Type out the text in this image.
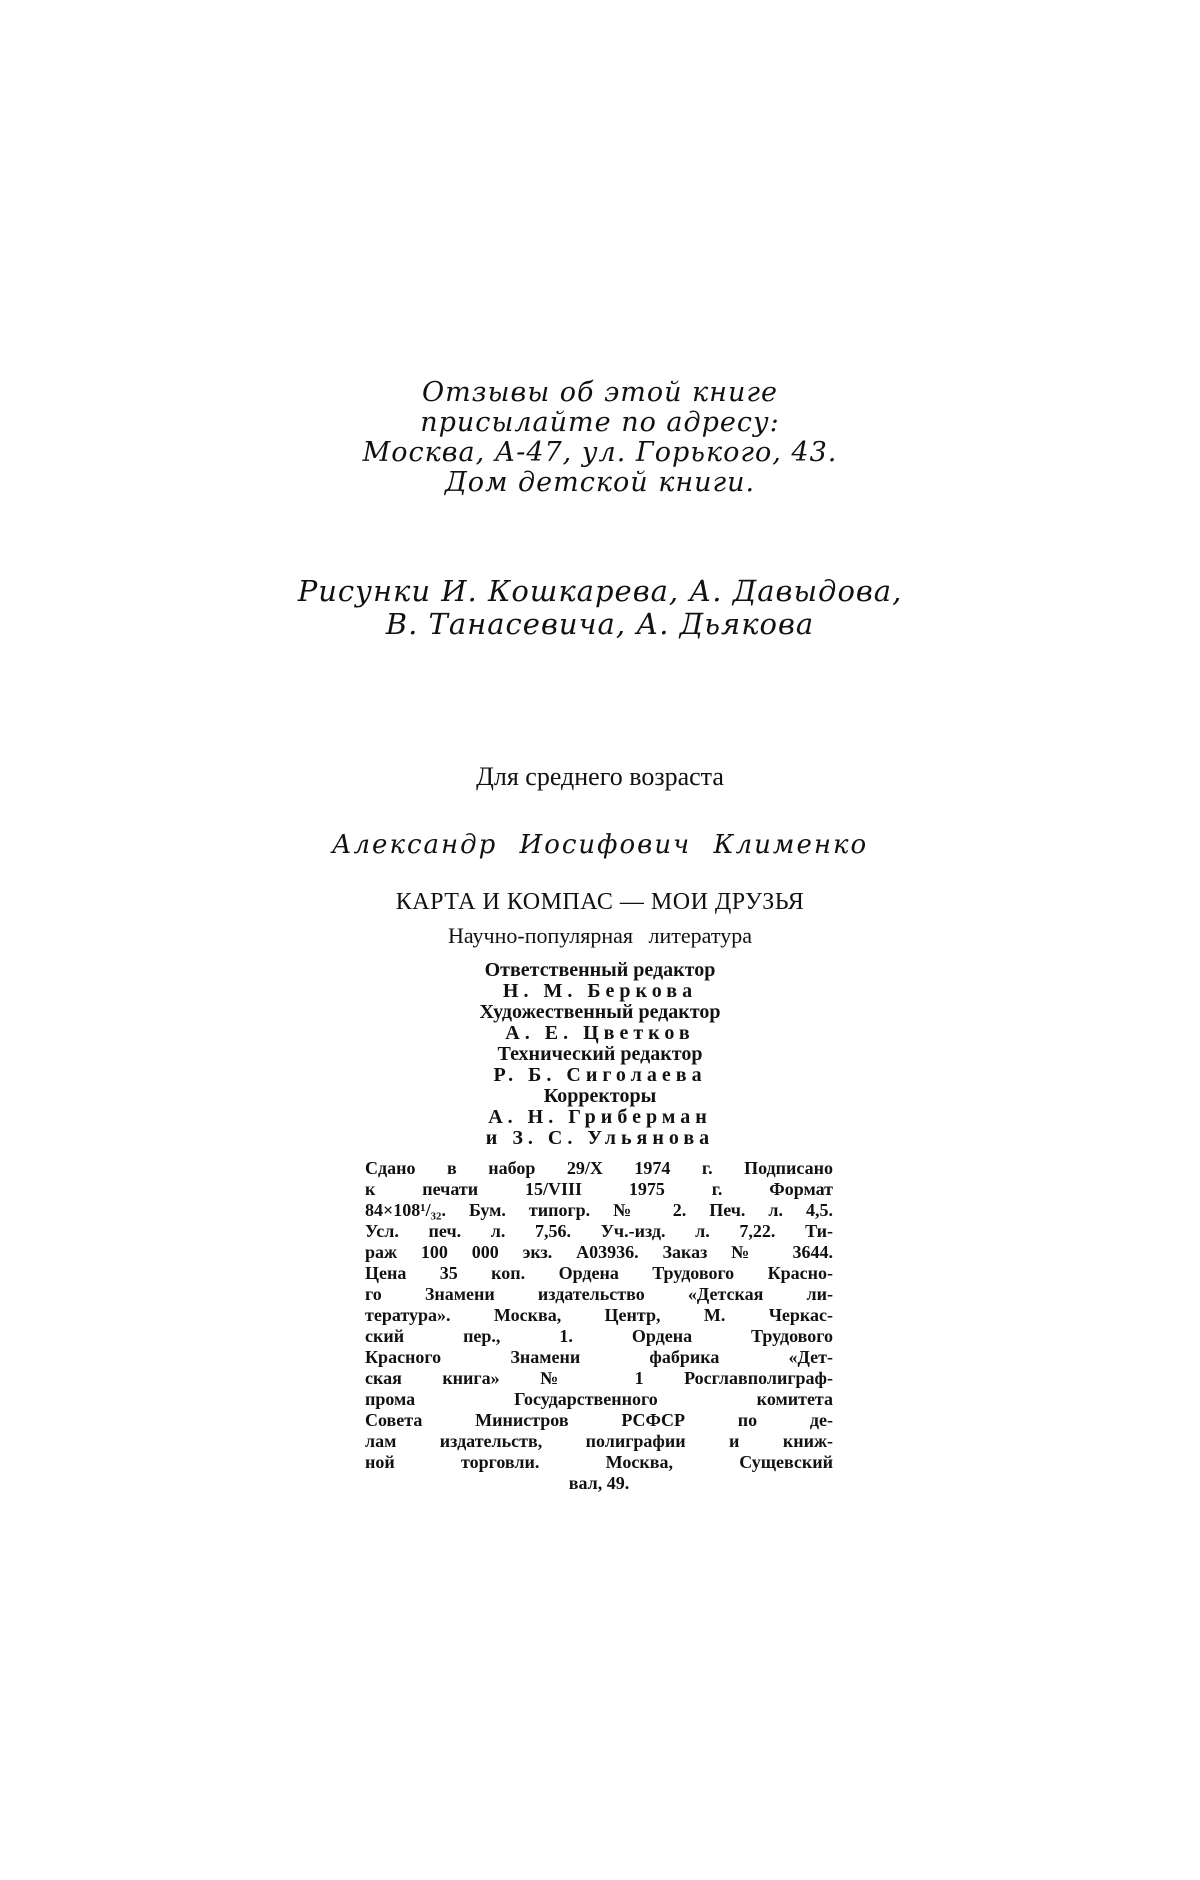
Отзывы об этой книге
присылайте по адресу:
Москва, А-47, ул. Горького, 43.
Дом детской книги.
Рисунки И. Кошкарева, А. Давыдова,
В. Танасевича, А. Дьякова
Для среднего возраста
Александр Иосифович Клименко
КАРТА И КОМПАС — МОИ ДРУЗЬЯ
Научно-популярная литература
Ответственный редактор
Н. М. Беркова
Художественный редактор
А. Е. Цветков
Технический редактор
Р. Б. Сиголаева
Корректоры
А. Н. Гриберман
и З. С. Ульянова
Сдано в набор 29/X 1974 г. Подписано
к печати 15/VIII 1975 г. Формат
84×108¹/₃₂. Бум. типогр. № 2. Печ. л. 4,5.
Усл. печ. л. 7,56. Уч.-изд. л. 7,22. Ти-
раж 100 000 экз. А03936. Заказ № 3644.
Цена 35 коп. Ордена Трудового Красно-
го Знамени издательство «Детская ли-
тература». Москва, Центр, М. Черкас-
ский пер., 1. Ордена Трудового
Красного Знамени фабрика «Дет-
ская книга» № 1 Росглавполиграф-
прома Государственного комитета
Совета Министров РСФСР по де-
лам издательств, полиграфии и книж-
ной торговли. Москва, Сущевский
вал, 49.
